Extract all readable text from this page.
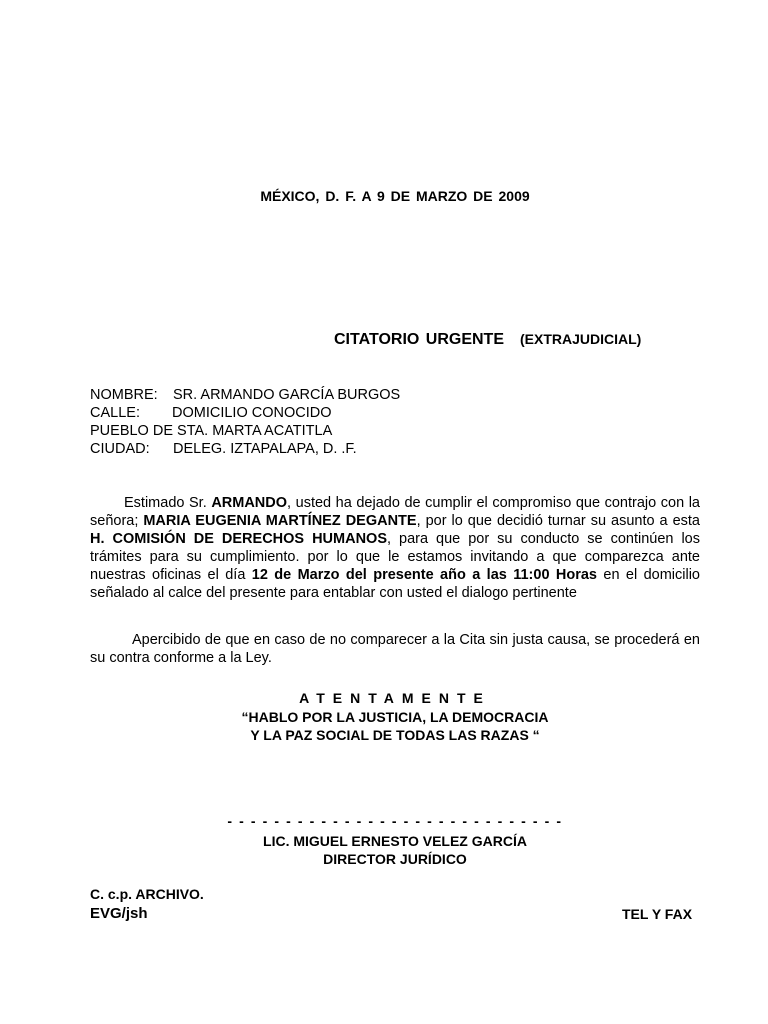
MÉXICO, D. F. A 9 DE MARZO DE 2009
CITATORIO URGENTE (EXTRAJUDICIAL)
NOMBRE: SR. ARMANDO GARCÍA BURGOS
CALLE: DOMICILIO CONOCIDO
PUEBLO DE STA. MARTA ACATITLA
CIUDAD: DELEG. IZTAPALAPA, D. .F.
Estimado Sr. ARMANDO, usted ha dejado de cumplir el compromiso que contrajo con la señora; MARIA EUGENIA MARTÍNEZ DEGANTE, por lo que decidió turnar su asunto a esta H. COMISIÓN DE DERECHOS HUMANOS, para que por su conducto se continúen los trámites para su cumplimiento. por lo que le estamos invitando a que comparezca ante nuestras oficinas el día 12 de Marzo del presente año a las 11:00 Horas en el domicilio señalado al calce del presente para entablar con usted el dialogo pertinente
Apercibido de que en caso de no comparecer a la Cita sin justa causa, se procederá en su contra conforme a la Ley.
ATENTAMENTE
“HABLO POR LA JUSTICIA, LA DEMOCRACIA
Y LA PAZ SOCIAL DE TODAS LAS RAZAS “
- - - - - - - - - - - - - - - - - - - - - - - - - - - - -
LIC. MIGUEL ERNESTO VELEZ GARCÍA
DIRECTOR JURÍDICO
C. c.p. ARCHIVO.
EVG/jsh	TEL Y FAX
